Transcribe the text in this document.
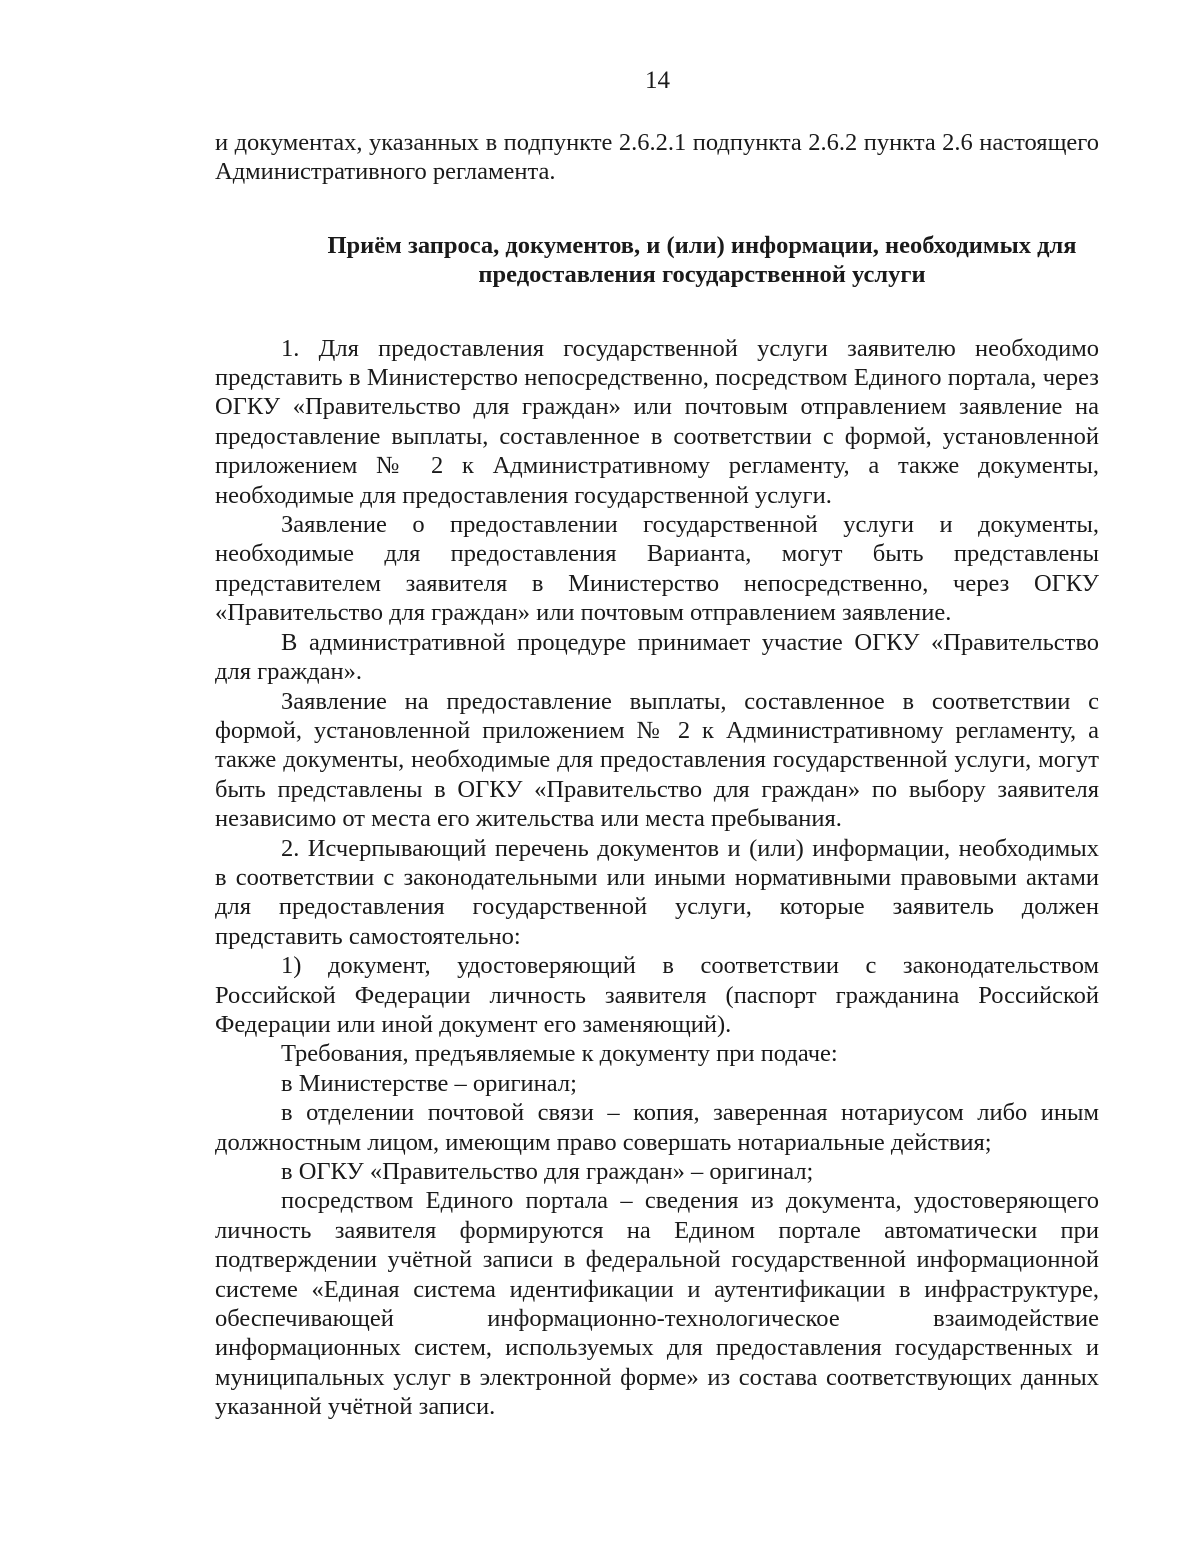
14

и документах, указанных в подпункте 2.6.2.1 подпункта 2.6.2 пункта 2.6 настоящего Административного регламента.

Приём запроса, документов, и (или) информации, необходимых для
предоставления государственной услуги

1. Для предоставления государственной услуги заявителю необходимо представить в Министерство непосредственно, посредством Единого портала, через ОГКУ «Правительство для граждан» или почтовым отправлением заявление на предоставление выплаты, составленное в соответствии с формой, установленной приложением № 2 к Административному регламенту, а также документы, необходимые для предоставления государственной услуги.

Заявление о предоставлении государственной услуги и документы, необходимые для предоставления Варианта, могут быть представлены представителем заявителя в Министерство непосредственно, через ОГКУ «Правительство для граждан» или почтовым отправлением заявление.

В административной процедуре принимает участие ОГКУ «Правительство для граждан».

Заявление на предоставление выплаты, составленное в соответствии с формой, установленной приложением № 2 к Административному регламенту, а также документы, необходимые для предоставления государственной услуги, могут быть представлены в ОГКУ «Правительство для граждан» по выбору заявителя независимо от места его жительства или места пребывания.

2. Исчерпывающий перечень документов и (или) информации, необходимых в соответствии с законодательными или иными нормативными правовыми актами для предоставления государственной услуги, которые заявитель должен представить самостоятельно:

1) документ, удостоверяющий в соответствии с законодательством Российской Федерации личность заявителя (паспорт гражданина Российской Федерации или иной документ его заменяющий).

Требования, предъявляемые к документу при подаче:

в Министерстве – оригинал;

в отделении почтовой связи – копия, заверенная нотариусом либо иным должностным лицом, имеющим право совершать нотариальные действия;

в ОГКУ «Правительство для граждан» – оригинал;

посредством Единого портала – сведения из документа, удостоверяющего личность заявителя формируются на Едином портале автоматически при подтверждении учётной записи в федеральной государственной информационной системе «Единая система идентификации и аутентификации в инфраструктуре, обеспечивающей информационно-технологическое взаимодействие информационных систем, используемых для предоставления государственных и муниципальных услуг в электронной форме» из состава соответствующих данных указанной учётной записи.
